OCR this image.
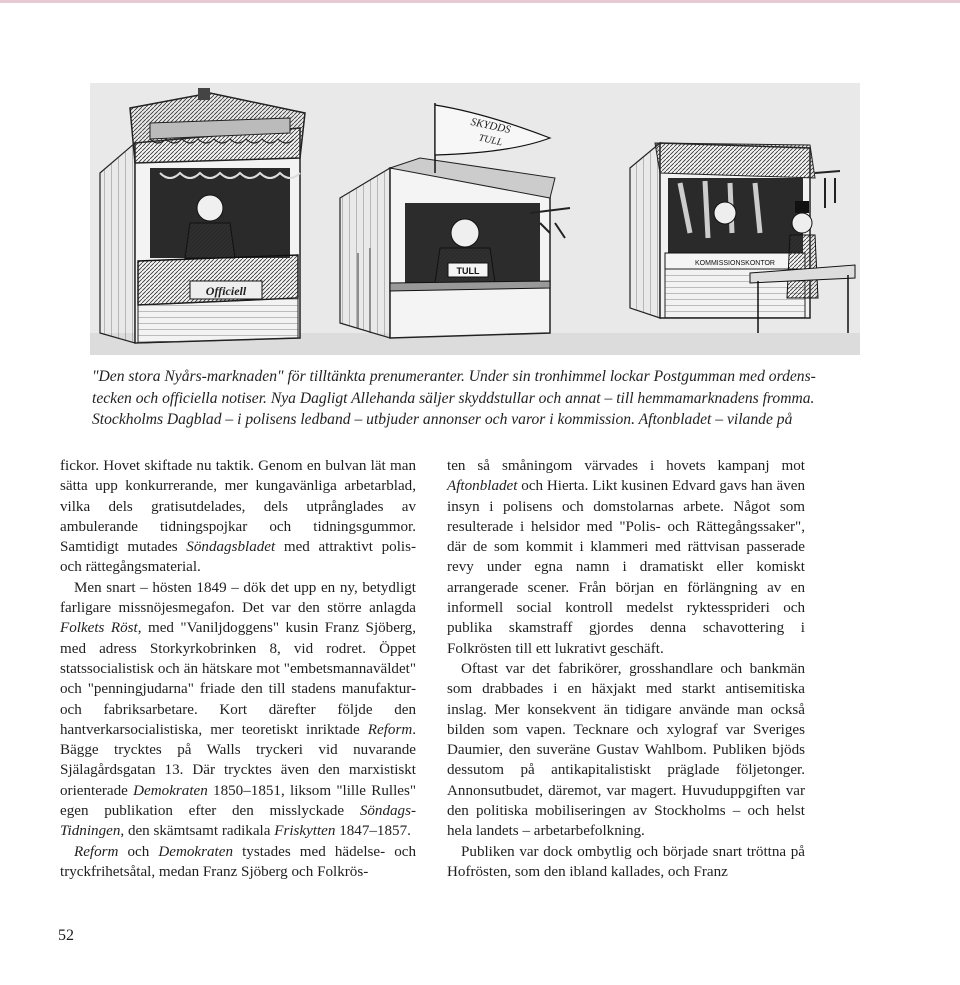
Officiell
TULL
SKYDDS
TULL
KOMMISSIONSKONTOR

"Den stora Nyårs-marknaden" för tilltänkta prenumeranter. Under sin tronhimmel lockar Postgumman med ordens-
tecken och officiella notiser. Nya Dagligt Allehanda säljer skyddstullar och annat – till hemmamarknadens fromma.
Stockholms Dagblad – i polisens ledband – utbjuder annonser och varor i kommission. Aftonbladet – vilande på

fickor. Hovet skiftade nu taktik. Genom en bulvan lät man sätta upp konkurrerande, mer kungavänliga arbetarblad, vilka dels gratisutdelades, dels utprånglades av ambulerande tidningspojkar och tidningsgummor. Samtidigt mutades Söndagsbladet med attraktivt polis- och rättegångsmaterial.

Men snart – hösten 1849 – dök det upp en ny, betydligt farligare missnöjesmegafon. Det var den större anlagda Folkets Röst, med "Vaniljdoggens" kusin Franz Sjöberg, med adress Storkyrkobrinken 8, vid rodret. Öppet statssocialistisk och än hätskare mot "embetsmannaväldet" och "penningjudarna" friade den till stadens manufaktur- och fabriksarbetare. Kort därefter följde den hantverkarsocialistiska, mer teoretiskt inriktade Reform. Bägge trycktes på Walls tryckeri vid nuvarande Själagårdsgatan 13. Där trycktes även den marxistiskt orienterade Demokraten 1850–1851, liksom "lille Rulles" egen publikation efter den misslyckade Söndags-Tidningen, den skämtsamt radikala Friskytten 1847–1857.

Reform och Demokraten tystades med hädelse- och tryckfrihetsåtal, medan Franz Sjöberg och Folkrös-

ten så småningom värvades i hovets kampanj mot Aftonbladet och Hierta. Likt kusinen Edvard gavs han även insyn i polisens och domstolarnas arbete. Något som resulterade i helsidor med "Polis- och Rättegångssaker", där de som kommit i klammeri med rättvisan passerade revy under egna namn i dramatiskt eller komiskt arrangerade scener. Från början en förlängning av en informell social kontroll medelst ryktesspriderі och publika skamstraff gjordes denna schavottering i Folkrösten till ett lukrativt geschäft.

Oftast var det fabrikörer, grosshandlare och bankmän som drabbades i en häxjakt med starkt antisemitiska inslag. Mer konsekvent än tidigare använde man också bilden som vapen. Tecknare och xylograf var Sveriges Daumier, den suveräne Gustav Wahlbom. Publiken bjöds dessutom på antikapitalistiskt präglade följetonger. Annonsutbudet, däremot, var magert. Huvuduppgiften var den politiska mobiliseringen av Stockholms – och helst hela landets – arbetarbefolkning.

Publiken var dock ombytlig och började snart tröttna på Hofrösten, som den ibland kallades, och Franz

52
